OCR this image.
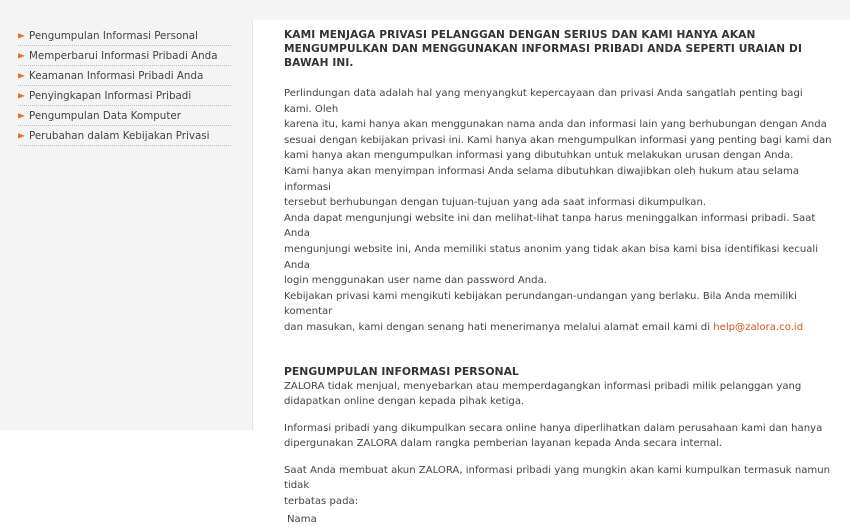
► Pengumpulan Informasi Personal
► Memperbarui Informasi Pribadi Anda
► Keamanan Informasi Pribadi Anda
► Penyingkapan Informasi Pribadi
► Pengumpulan Data Komputer
► Perubahan dalam Kebijakan Privasi
KAMI MENJAGA PRIVASI PELANGGAN DENGAN SERIUS DAN KAMI HANYA AKAN
MENGUMPULKAN DAN MENGGUNAKAN INFORMASI PRIBADI ANDA SEPERTI URAIAN DI
BAWAH INI.
Perlindungan data adalah hal yang menyangkut kepercayaan dan privasi Anda sangatlah penting bagi kami. Oleh
karena itu, kami hanya akan menggunakan nama anda dan informasi lain yang berhubungan dengan Anda
sesuai dengan kebijakan privasi ini. Kami hanya akan mengumpulkan informasi yang penting bagi kami dan
kami hanya akan mengumpulkan informasi yang dibutuhkan untuk melakukan urusan dengan Anda.
Kami hanya akan menyimpan informasi Anda selama dibutuhkan diwajibkan oleh hukum atau selama informasi
tersebut berhubungan dengan tujuan-tujuan yang ada saat informasi dikumpulkan.
Anda dapat mengunjungi website ini dan melihat-lihat tanpa harus meninggalkan informasi pribadi. Saat Anda
mengunjungi website ini, Anda memiliki status anonim yang tidak akan bisa kami bisa identifikasi kecuali Anda
login menggunakan user name dan password Anda.
Kebijakan privasi kami mengikuti kebijakan perundangan-undangan yang berlaku. Bila Anda memiliki komentar
dan masukan, kami dengan senang hati menerimanya melalui alamat email kami di help@zalora.co.id
PENGUMPULAN INFORMASI PERSONAL
ZALORA tidak menjual, menyebarkan atau memperdagangkan informasi pribadi milik pelanggan yang
didapatkan online dengan kepada pihak ketiga.
Informasi pribadi yang dikumpulkan secara online hanya diperlihatkan dalam perusahaan kami dan hanya
dipergunakan ZALORA dalam rangka pemberian layanan kepada Anda secara internal.
Saat Anda membuat akun ZALORA, informasi pribadi yang mungkin akan kami kumpulkan termasuk namun tidak
terbatas pada:
Nama
